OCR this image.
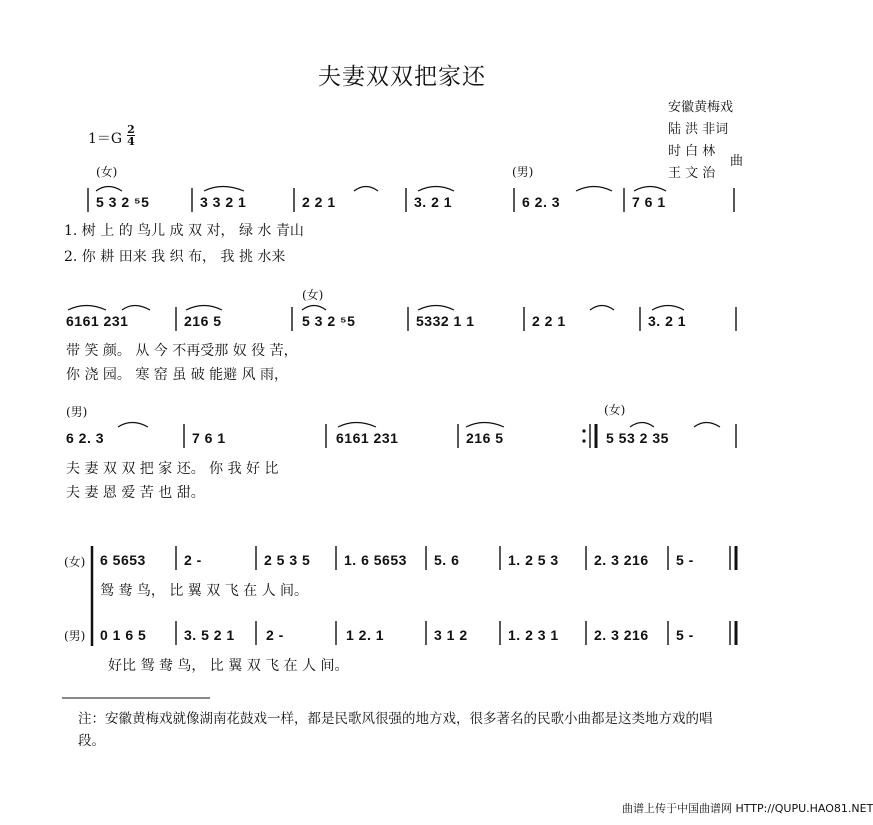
夫妻双双把家还
安徽黄梅戏
陆 洪 非词
时 白 林
王 文 治
曲
1＝G
2
4
(女)	(男)
5 3 2 ⁵5	3 3 2 1	2 2 1	3. 2 1	6 2. 3	7 6 1
1. 树 上 的 鸟儿 成 双 对， 绿 水 青山
2. 你 耕 田来 我 织 布， 我 挑 水来
(女)
6161 231	216 5	5 3 2 ⁵5	5332 1 1	2 2 1	3. 2 1
带 笑 颜。 从 今 不再受那 奴 役 苦，
你 浇 园。 寒 窑 虽 破 能避 风 雨，
(男)	(女)
6 2. 3	7 6 1	6161 231	216 5	5 53 2 35
夫 妻 双 双 把 家 还。 你 我 好 比
夫 妻 恩 爱 苦 也 甜。
(女)
(男)
6 5653	2 -	2 5 3 5 1. 6 5653 5. 6	1. 2 5 3	2. 3 216 5 -
鸳 鸯 鸟， 比 翼 双 飞 在 人 间。
0 1 6 5	3. 5 2 1 2 -	1 2. 1	3 1 2	1. 2 3 1	2. 3 216 5 -
好比 鸳 鸯 鸟， 比 翼 双 飞 在 人 间。
注：安徽黄梅戏就像湖南花鼓戏一样，都是民歌风很强的地方戏，很多著名的民歌小曲都是这类地方戏的唱段。
曲谱上传于中国曲谱网 HTTP://QUPU.HAO81.NET
